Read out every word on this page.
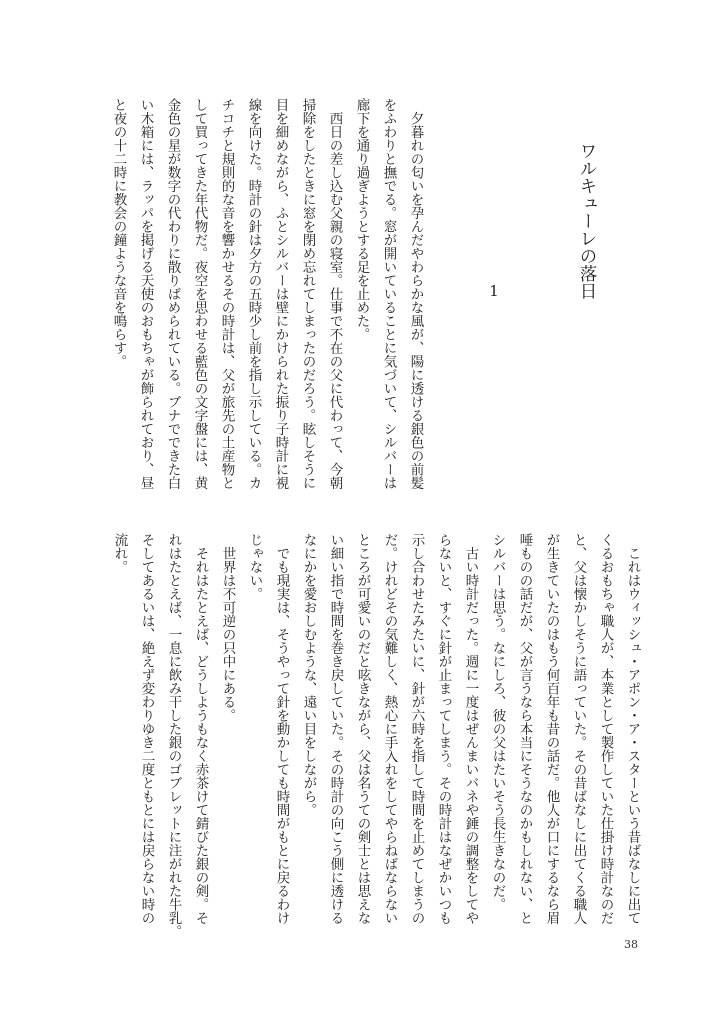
ワルキューレの落日
1
　夕暮れの匂いを孕んだやわらかな風が、陽に透ける銀色の前髪
をふわりと撫でる。窓が開いていることに気づいて、シルバーは
廊下を通り過ぎようとする足を止めた。
　西日の差し込む父親の寝室。仕事で不在の父に代わって、今朝
掃除をしたときに窓を閉め忘れてしまったのだろう。眩しそうに
目を細めながら、ふとシルバーは壁にかけられた振り子時計に視
線を向けた。時計の針は夕方の五時少し前を指し示している。カ
チコチと規則的な音を響かせるその時計は、父が旅先の土産物と
して買ってきた年代物だ。夜空を思わせる藍色の文字盤には、黄
金色の星が数字の代わりに散りばめられている。ブナでできた白
い木箱には、ラッパを掲げる天使のおもちゃが飾られており、昼
と夜の十二時に教会の鐘ような音を鳴らす。
　これはウィッシュ・アポン・ア・スターという昔ばなしに出て
くるおもちゃ職人が、本業として製作していた仕掛け時計なのだ
と、父は懐かしそうに語っていた。その昔ばなしに出てくる職人
が生きていたのはもう何百年も昔の話だ。他人が口にするなら眉
唾ものの話だが、父が言うなら本当にそうなのかもしれない、と
シルバーは思う。なにしろ、彼の父はたいそう長生きなのだ。
　古い時計だった。週に一度はぜんまいバネや錘の調整をしてや
らないと、すぐに針が止まってしまう。その時計はなぜかいつも
示し合わせたみたいに、針が六時を指して時間を止めてしまうの
だ。けれどその気難しく、熱心に手入れをしてやらねばならない
ところが可愛いのだと呟きながら、父は名うての剣士とは思えな
い細い指で時間を巻き戻していた。その時計の向こう側に透ける
なにかを愛おしむような、遠い目をしながら。
　でも現実は、そうやって針を動かしても時間がもとに戻るわけ
じゃない。
　世界は不可逆の只中にある。
　それはたとえば、どうしようもなく赤茶けて錆びた銀の剣。そ
れはたとえば、一息に飲み干した銀のゴブレットに注がれた牛乳。
そしてあるいは、絶えず変わりゆき二度ともとには戻らない時の
流れ。
38
